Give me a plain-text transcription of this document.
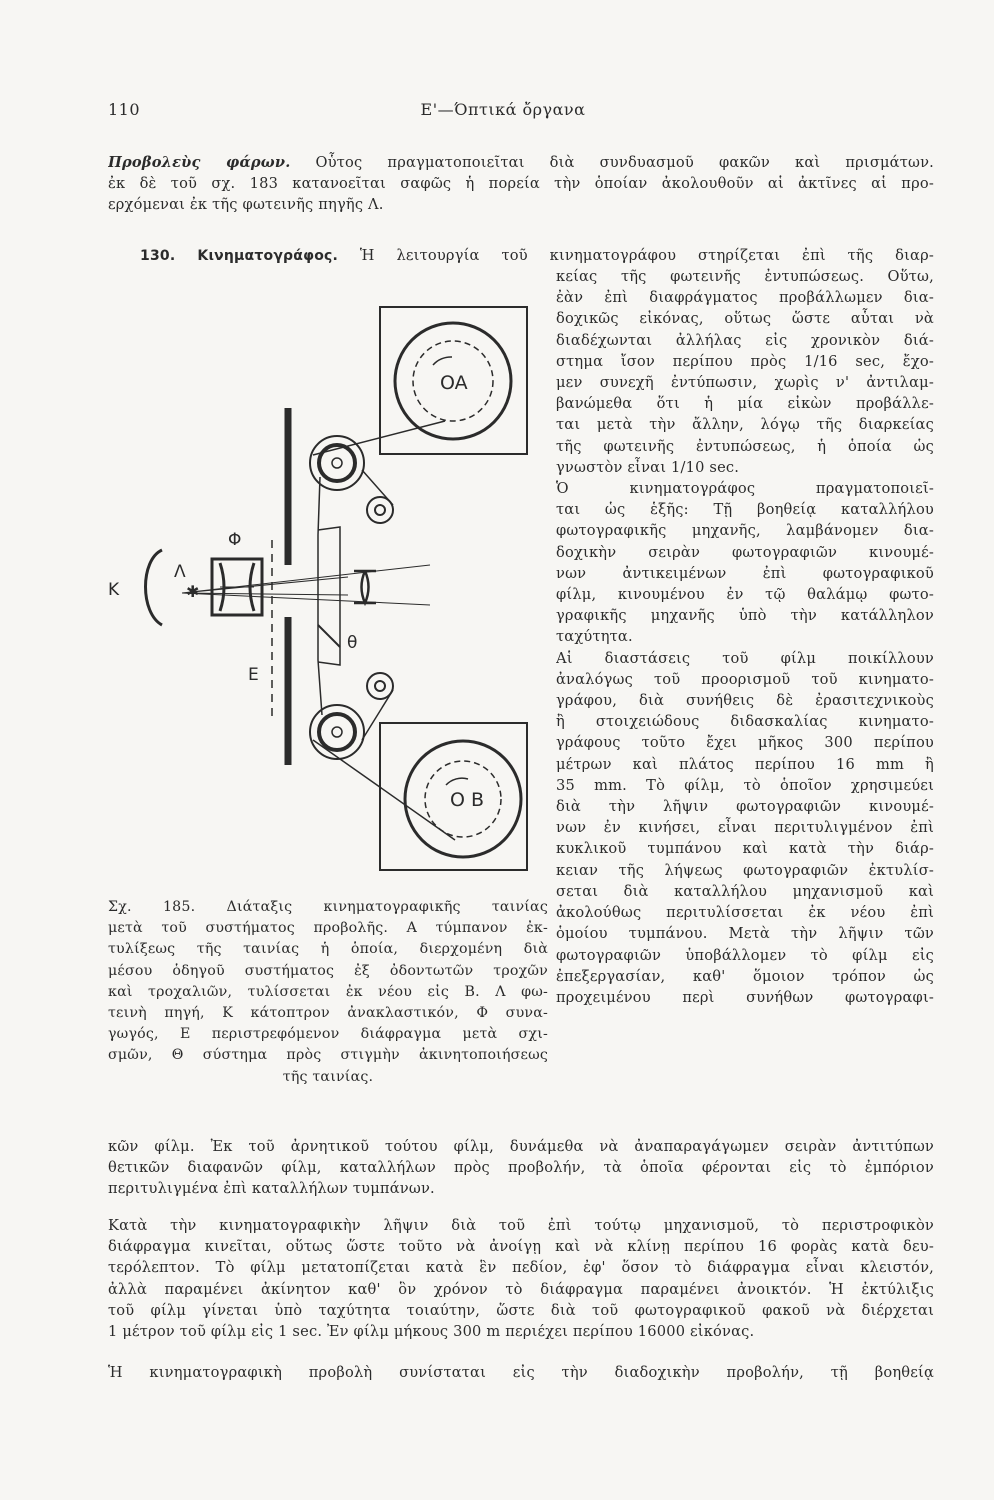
110	Ε'—Όπτικά ὄργανα
Προβολεὺς φάρων. Οὗτος πραγματοποιεῖται διὰ συνδυασμοῦ φακῶν καὶ πρισμάτων.
ἐκ δὲ τοῦ σχ. 183 κατανοεῖται σαφῶς ἡ πορεία τὴν ὁποίαν ἀκολουθοῦν αἱ ἀκτῖνες αἱ προ-
ερχόμεναι ἐκ τῆς φωτεινῆς πηγῆς Λ.
130. Κινηματογράφος. Ἡ λειτουργία τοῦ κινηματογράφου στηρίζεται ἐπὶ τῆς διαρ-
κείας τῆς φωτεινῆς ἐντυπώσεως. Οὕτω,
ἐὰν ἐπὶ διαφράγματος προβάλλωμεν δια-
δοχικῶς εἰκόνας, οὕτως ὥστε αὗται νὰ
διαδέχωνται ἀλλήλας εἰς χρονικὸν διά-
στημα ἴσον περίπου πρὸς 1/16 sec, ἔχο-
μεν συνεχῆ ἐντύπωσιν, χωρὶς ν' ἀντιλαμ-
βανώμεθα ὅτι ἡ μία εἰκὼν προβάλλε-
ται μετὰ τὴν ἄλλην, λόγῳ τῆς διαρκείας
τῆς φωτεινῆς ἐντυπώσεως, ἡ ὁποία ὡς
γνωστὸν εἶναι 1/10 sec.
Ὁ κινηματογράφος πραγματοποιεῖ-
ται ὡς ἑξῆς: Τῇ βοηθείᾳ καταλλήλου
φωτογραφικῆς μηχανῆς, λαμβάνομεν δια-
δοχικὴν σειρὰν φωτογραφιῶν κινουμέ-
νων ἀντικειμένων ἐπὶ φωτογραφικοῦ
φίλμ, κινουμένου ἐν τῷ θαλάμῳ φωτο-
γραφικῆς μηχανῆς ὑπὸ τὴν κατάλληλον
ταχύτητα.
Αἱ διαστάσεις τοῦ φίλμ ποικίλλουν
ἀναλόγως τοῦ προορισμοῦ τοῦ κινηματο-
γράφου, διὰ συνήθεις δὲ ἐρασιτεχνικοὺς
ἢ στοιχειώδους διδασκαλίας κινηματο-
γράφους τοῦτο ἔχει μῆκος 300 περίπου
μέτρων καὶ πλάτος περίπου 16 mm ἢ
35 mm. Τὸ φίλμ, τὸ ὁποῖον χρησιμεύει
διὰ τὴν λῆψιν φωτογραφιῶν κινουμέ-
νων ἐν κινήσει, εἶναι περιτυλιγμένον ἐπὶ
κυκλικοῦ τυμπάνου καὶ κατὰ τὴν διάρ-
κειαν τῆς λήψεως φωτογραφιῶν ἐκτυλίσ-
σεται διὰ καταλλήλου μηχανισμοῦ καὶ
ἀκολούθως περιτυλίσσεται ἐκ νέου ἐπὶ
ὁμοίου τυμπάνου. Μετὰ τὴν λῆψιν τῶν
φωτογραφιῶν ὑποβάλλομεν τὸ φίλμ εἰς
ἐπεξεργασίαν, καθ' ὅμοιον τρόπον ὡς
προχειμένου περὶ συνήθων φωτογραφι-
✱
K
Λ
Φ
E
θ
OA
O B
Σχ. 185. Διάταξις κινηματογραφικῆς ταινίας
μετὰ τοῦ συστήματος προβολῆς. Α τύμπανον ἐκ-
τυλίξεως τῆς ταινίας ἡ ὁποία, διερχομένη διὰ
μέσου ὁδηγοῦ συστήματος ἐξ ὀδοντωτῶν τροχῶν
καὶ τροχαλιῶν, τυλίσσεται ἐκ νέου εἰς Β. Λ φω-
τεινὴ πηγή, Κ κάτοπτρον ἀνακλαστικόν, Φ συνα-
γωγός, Ε περιστρεφόμενον διάφραγμα μετὰ σχι-
σμῶν, Θ σύστημα πρὸς στιγμὴν ἀκινητοποιήσεως
τῆς ταινίας.
κῶν φίλμ. Ἐκ τοῦ ἀρνητικοῦ τούτου φίλμ, δυνάμεθα νὰ ἀναπαραγάγωμεν σειρὰν ἀντιτύπων
θετικῶν διαφανῶν φίλμ, καταλλήλων πρὸς προβολήν, τὰ ὁποῖα φέρονται εἰς τὸ ἐμπόριον
περιτυλιγμένα ἐπὶ καταλλήλων τυμπάνων.
Κατὰ τὴν κινηματογραφικὴν λῆψιν διὰ τοῦ ἐπὶ τούτῳ μηχανισμοῦ, τὸ περιστροφικὸν
διάφραγμα κινεῖται, οὕτως ὥστε τοῦτο νὰ ἀνοίγῃ καὶ νὰ κλίνῃ περίπου 16 φορὰς κατὰ δευ-
τερόλεπτον. Τὸ φίλμ μετατοπίζεται κατὰ ἓν πεδίον, ἐφ' ὅσον τὸ διάφραγμα εἶναι κλειστόν,
ἀλλὰ παραμένει ἀκίνητον καθ' ὃν χρόνον τὸ διάφραγμα παραμένει ἀνοικτόν. Ἡ ἐκτύλιξις
τοῦ φίλμ γίνεται ὑπὸ ταχύτητα τοιαύτην, ὥστε διὰ τοῦ φωτογραφικοῦ φακοῦ νὰ διέρχεται
1 μέτρον τοῦ φίλμ εἰς 1 sec. Ἐν φίλμ μήκους 300 m περιέχει περίπου 16000 εἰκόνας.
Ἡ κινηματογραφικὴ προβολὴ συνίσταται εἰς τὴν διαδοχικὴν προβολήν, τῇ βοηθείᾳ
